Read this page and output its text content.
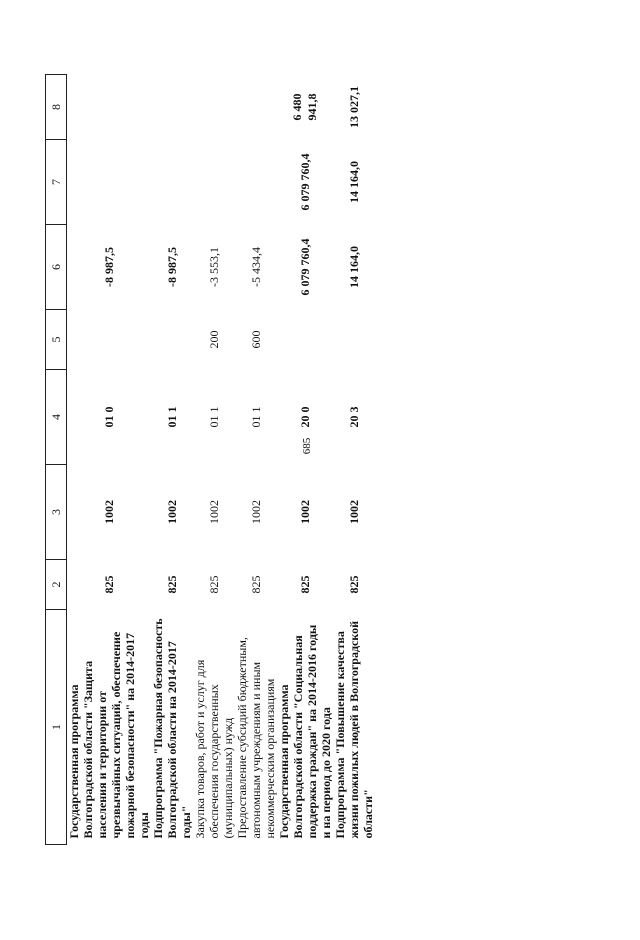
685
1	2	3	4	5	6	7	8
Государственная программа Волгоградской области "Защита населения и территории от чрезвычайных ситуаций, обеспечение пожарной безопасности" на 2014-2017 годы	825	1002	01 0		-8 987,5		
Подпрограмма "Пожарная безопасность Волгоградской области на 2014-2017 годы"	825	1002	01 1		-8 987,5		
Закупка товаров, работ и услуг для обеспечения государственных (муниципальных) нужд	825	1002	01 1	200	-3 553,1		
Предоставление субсидий бюджетным, автономным учреждениям и иным некоммерческим организациям	825	1002	01 1	600	-5 434,4		
Государственная программа Волгоградской области "Социальная поддержка граждан" на 2014-2016 годы и на период до 2020 года	825	1002	20 0		6 079 760,4	6 079 760,4	6 480 941,8
Подпрограмма "Повышение качества жизни пожилых людей в Волгоградской области"	825	1002	20 3		14 164,0	14 164,0	13 027,1
